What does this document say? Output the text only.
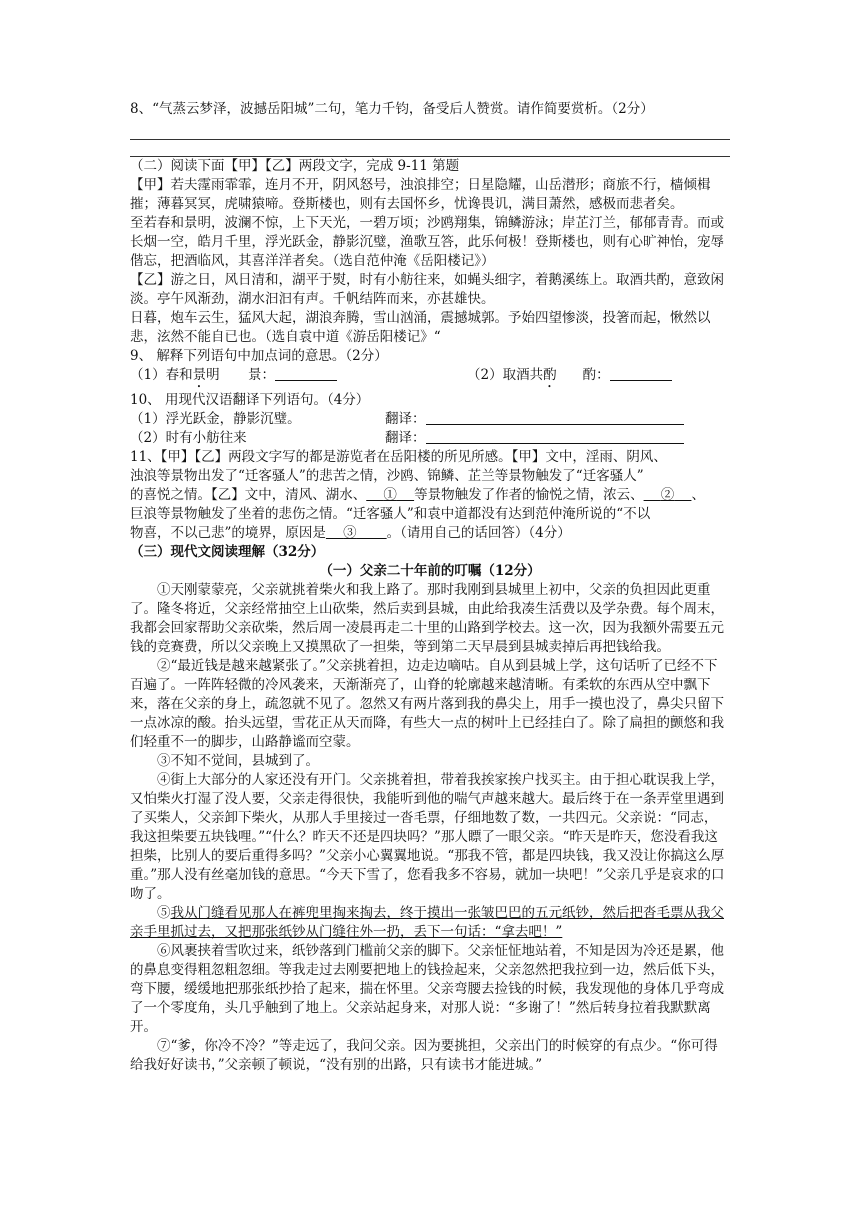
8、“气蒸云梦泽，波撼岳阳城”二句，笔力千钧，备受后人赞赏。请作简要赏析。（2分）
（二）阅读下面【甲】【乙】两段文字，完成 9-11 第题

【甲】若夫霪雨霏霏，连月不开，阴风怒号，浊浪排空；日星隐耀，山岳潜形；商旅不行，樯倾楫摧；薄暮冥冥，虎啸猿啼。登斯楼也，则有去国怀乡，忧谗畏讥，满目萧然，感极而悲者矣。

至若春和景明，波澜不惊，上下天光，一碧万顷；沙鸥翔集，锦鳞游泳；岸芷汀兰，郁郁青青。而或长烟一空，皓月千里，浮光跃金，静影沉璧，渔歌互答，此乐何极！登斯楼也，则有心旷神怡，宠辱偕忘，把酒临风，其喜洋洋者矣。（选自范仲淹《岳阳楼记》）

【乙】游之日，风日清和，湖平于熨，时有小舫往来，如蝇头细字，着鹅溪练上。取酒共酌，意致闲淡。亭午风渐劲，湖水汩汩有声。千帆结阵而来，亦甚雄快。

日暮，炮车云生，猛风大起，湖浪奔腾，雪山汹涌，震撼城郭。予始四望惨淡，投箸而起，愀然以悲，泫然不能自已也。（选自袁中道《游岳阳楼记》“

9、 解释下列语句中加点词的意思。（2分）
（1）春和景明	景：	（2）取酒共酌 酌：
10、 用现代汉语翻译下列语句。（4分）
（1）浮光跃金，静影沉璧。	翻译：
（2）时有小舫往来	翻译：
11、【甲】【乙】两段文字写的都是游览者在岳阳楼的所见所感。【甲】文中，淫雨、阴风、
浊浪等景物出发了“迁客骚人”的悲苦之情，沙鸥、锦鳞、芷兰等景物触发了“迁客骚人”
的喜悦之情。【乙】文中，清风、湖水、 ① 等景物触发了作者的愉悦之情，浓云、 ② 、
巨浪等景物触发了坐着的悲伤之情。“迁客骚人”和袁中道都没有达到范仲淹所说的“不以
物喜，不以己悲”的境界，原因是 ③ 。（请用自己的话回答）（4分）
（三）现代文阅读理解（32分）
（一）父亲二十年前的叮嘱（12分）

①天刚蒙蒙亮，父亲就挑着柴火和我上路了。那时我刚到县城里上初中，父亲的负担因此更重了。隆冬将近，父亲经常抽空上山砍柴，然后卖到县城，由此给我凑生活费以及学杂费。每个周末，我都会回家帮助父亲砍柴，然后周一凌晨再走二十里的山路到学校去。这一次，因为我额外需要五元钱的竞赛费，所以父亲晚上又摸黑砍了一担柴，等到第二天早晨到县城卖掉后再把钱给我。

②“最近钱是越来越紧张了。”父亲挑着担，边走边嘀咕。自从到县城上学，这句话听了已经不下百遍了。一阵阵轻微的冷风袭来，天渐渐亮了，山脊的轮廓越来越清晰。有柔软的东西从空中飘下来，落在父亲的身上，疏忽就不见了。忽然又有两片落到我的鼻尖上，用手一摸也没了，鼻尖只留下一点冰凉的酸。抬头远望，雪花正从天而降，有些大一点的树叶上已经挂白了。除了扁担的颤悠和我们轻重不一的脚步，山路静谧而空蒙。

③不知不觉间，县城到了。

④街上大部分的人家还没有开门。父亲挑着担，带着我挨家挨户找买主。由于担心耽误我上学，又怕柴火打湿了没人要，父亲走得很快，我能听到他的喘气声越来越大。最后终于在一条弄堂里遇到了买柴人，父亲卸下柴火，从那人手里接过一沓毛票，仔细地数了数，一共四元。父亲说：“同志，我这担柴要五块钱哩。”“什么？昨天不还是四块吗？”那人瞟了一眼父亲。“昨天是昨天，您没看我这担柴，比别人的要后重得多吗？”父亲小心翼翼地说。“那我不管，都是四块钱，我又没让你搞这么厚重。”那人没有丝毫加钱的意思。“今天下雪了，您看我多不容易，就加一块吧！”父亲几乎是哀求的口吻了。

⑤我从门缝看见那人在裤兜里掏来掏去，终于摸出一张皱巴巴的五元纸钞，然后把沓毛票从我父亲手里抓过去，又把那张纸钞从门缝往外一扔，丢下一句话：“拿去吧！”

⑥风裹挟着雪吹过来，纸钞落到门槛前父亲的脚下。父亲怔怔地站着，不知是因为冷还是累，他的鼻息变得粗忽粗忽细。等我走过去刚要把地上的钱捡起来，父亲忽然把我拉到一边，然后低下头，弯下腰，缓缓地把那张纸抄拾了起来，揣在怀里。父亲弯腰去捡钱的时候，我发现他的身体几乎弯成了一个零度角，头几乎触到了地上。父亲站起身来，对那人说：“多谢了！”然后转身拉着我默默离开。

⑦“爹，你冷不冷？”等走远了，我问父亲。因为要挑担，父亲出门的时候穿的有点少。“你可得给我好好读书，”父亲顿了顿说，“没有别的出路，只有读书才能进城。”
